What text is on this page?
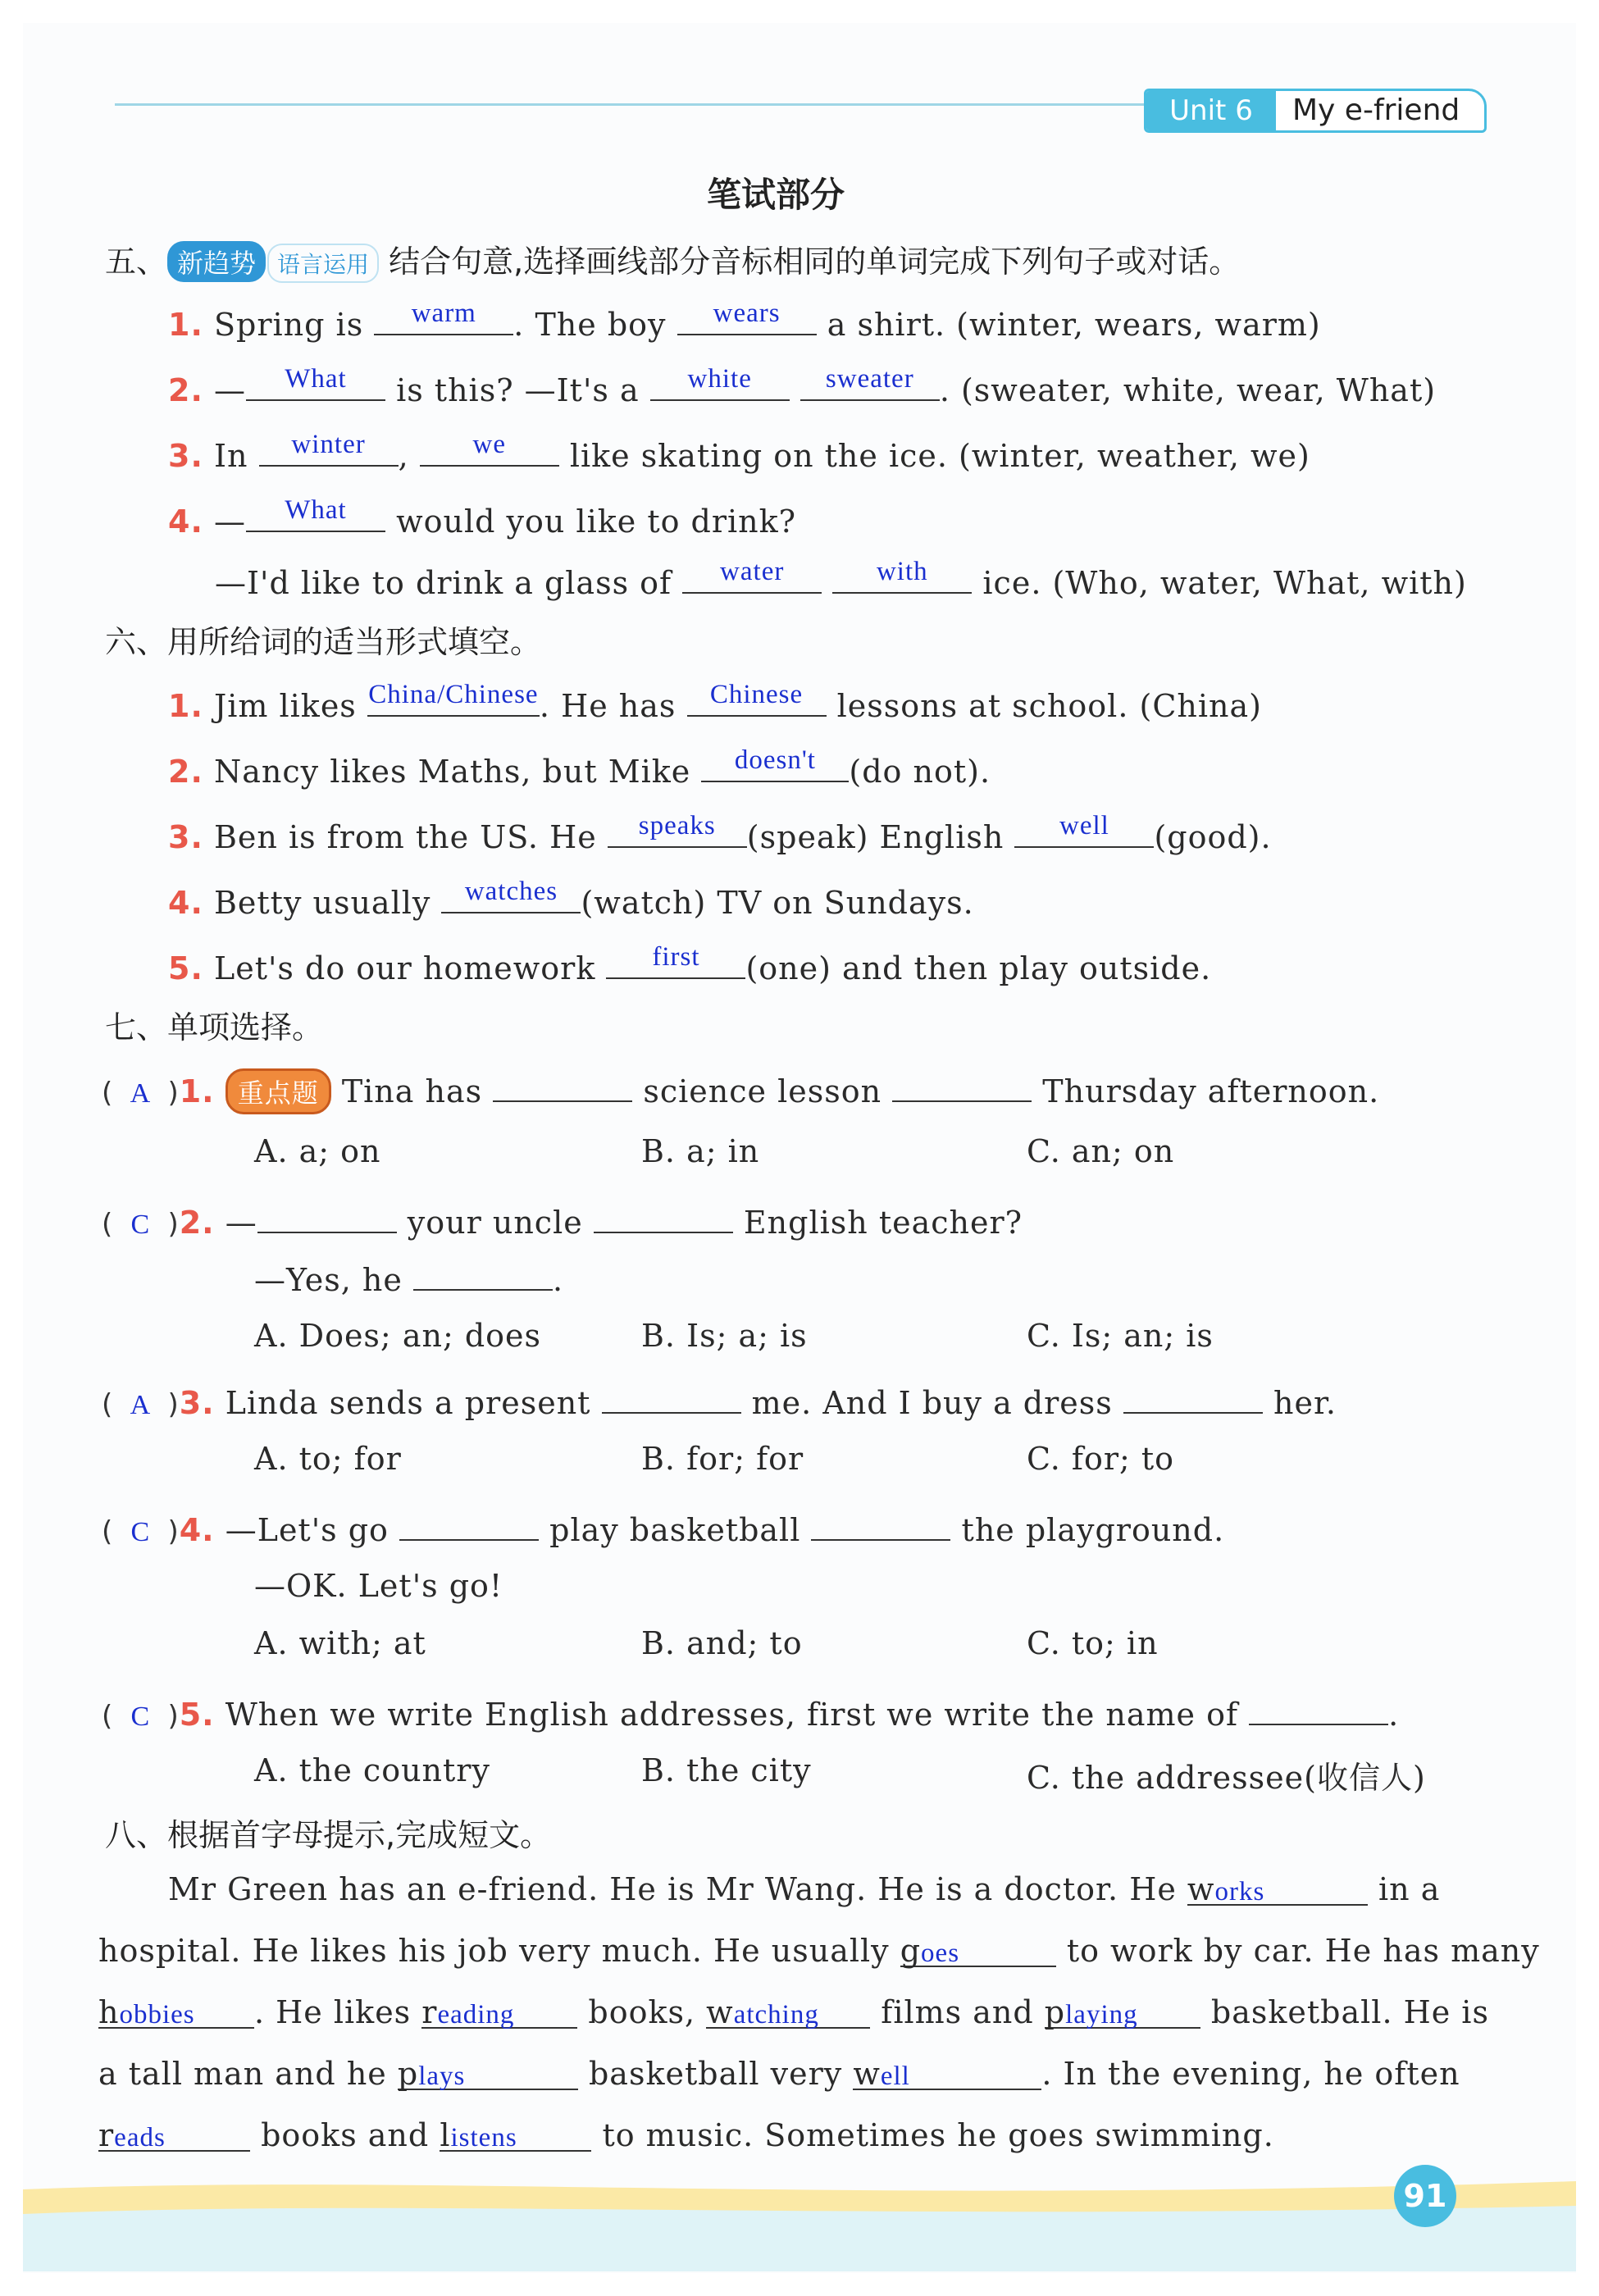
Unit 6	My e-friend
笔试部分
五、 新趋势 语言运用 结合句意,选择画线部分音标相同的单词完成下列句子或对话。
1. Spring is	warm	. The boy	wears	a shirt. (winter, wears, warm)
2. —	What	is this? —It's a	white
	sweater . (sweater, white, wear, What)
3. In	winter	,	we	like skating on the ice. (winter, weather, we)
4. —	What	would you like to drink?
—I'd like to drink a glass of	water
	with	ice. (Who, water, What, with)
六、用所给词的适当形式填空。
1. Jim likes China/Chinese . He has	Chinese	lessons at school. (China)
2. Nancy likes Maths, but Mike	doesn't	(do not).
3. Ben is from the US. He	speaks	(speak) English	well	(good).
4. Betty usually	watches (watch) TV on Sundays.
5. Let's do our homework	first	(one) and then play outside.
七、单项选择。
( A )1. 重点题 Tina has	science lesson	Thursday afternoon.
A. a; on	B. a; in	C. an; on
( C )2. —	your uncle	English teacher?
—Yes, he	.
A. Does; an; does	B. Is; a; is	C. Is; an; is
( A )3. Linda sends a present	me. And I buy a dress	her.
A. to; for	B. for; for	C. for; to
( C )4. —Let's go	play basketball	the playground.
—OK. Let's go!
A. with; at	B. and; to	C. to; in
( C )5. When we write English addresses, first we write the name of	.
A. the country	B. the city	C. the addressee(收信人)
八、根据首字母提示,完成短文。
Mr Green has an e-friend. He is Mr Wang. He is a doctor. He works	in a
hospital. He likes his job very much. He usually goes	to work by car. He has many
hobbies . He likes reading books, watching films and playing basketball. He is
a tall man and he plays	basketball very well	. In the evening, he often
reads	books and listens	to music. Sometimes he goes swimming.
91
